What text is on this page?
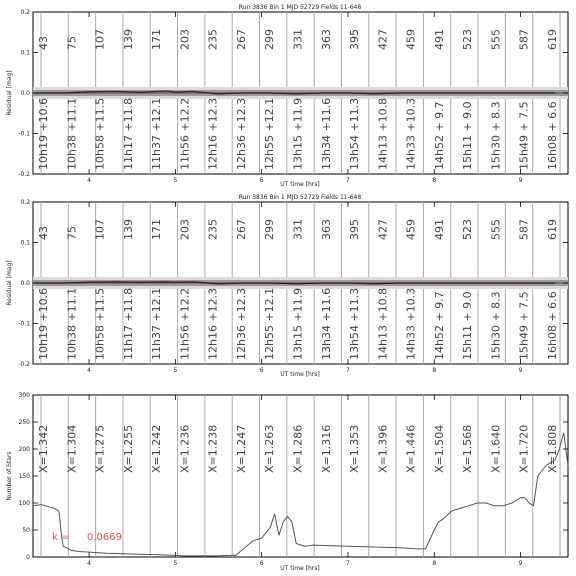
Run 3836 Bin 1 MJD 52729 Fields 11-648
Residual [mag]
UT time [hrs]
Run 3836 Bin 1 MJD 52729 Fields 11-648
Residual [mag]
UT time [hrs]
Number of Stars
UT time [hrs]
k = 0.0669
-0.2
-0.1
0.0
0.1
0.2
4	5	6	7	8	9
43
10h19 +10.6
75
10h38 +11.1
107
10h58 +11.5
139
11h17 +11.8
171
11h37 +12.1
203
11h56 +12.2
235
12h16 +12.3
267
12h36 +12.3
299
12h55 +12.1
331
13h15 +11.9
363
13h34 +11.6
395
13h54 +11.3
427
14h13 +10.8
459
14h33 +10.3
491
14h52 + 9.7
523
15h11 + 9.0
555
15h30 + 8.3
587
15h49 + 7.5
619
16h08 + 6.6
-0.2
-0.1
0.0
0.1
0.2
4	5	6	7	8	9
43
10h19 +10.6
75
10h38 +11.1
107
10h58 +11.5
139
11h17 +11.8
171
11h37 +12.1
203
11h56 +12.2
235
12h16 +12.3
267
12h36 +12.3
299
12h55 +12.1
331
13h15 +11.9
363
13h34 +11.6
395
13h54 +11.3
427
14h13 +10.8
459
14h33 +10.3
491
14h52 + 9.7
523
15h11 + 9.0
555
15h30 + 8.3
587
15h49 + 7.5
619
16h08 + 6.6
0
50
100
150
200
250
300
4	5	6	7	8	9
X=1.342 X=1.304 X=1.275 X=1.255 X=1.242 X=1.236 X=1.238 X=1.247 X=1.263 X=1.286 X=1.316 X=1.353 X=1.396 X=1.446 X=1.504 X=1.568 X=1.640 X=1.720 X=1.808
